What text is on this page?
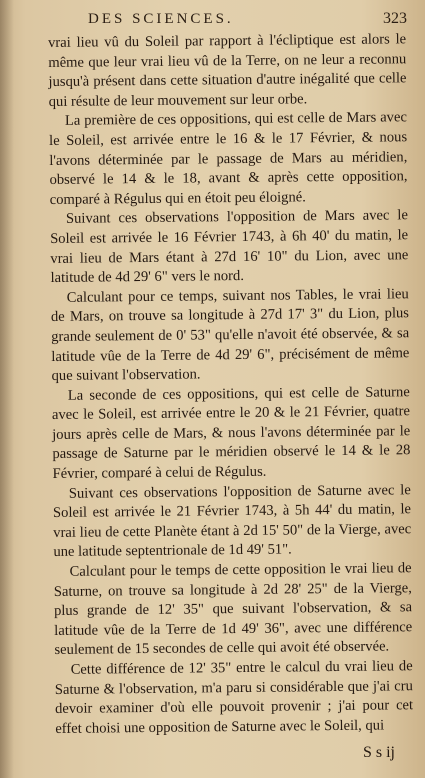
DES SCIENCES.	323

vrai lieu vû du Soleil par rapport à l'écliptique est alors le même que leur vrai lieu vû de la Terre, on ne leur a reconnu jusqu'à présent dans cette situation d'autre inégalité que celle qui résulte de leur mouvement sur leur orbe.

La première de ces oppositions, qui est celle de Mars avec le Soleil, est arrivée entre le 16 & le 17 Février, & nous l'avons déterminée par le passage de Mars au méridien, observé le 14 & le 18, avant & après cette opposition, comparé à Régulus qui en étoit peu éloigné.

Suivant ces observations l'opposition de Mars avec le Soleil est arrivée le 16 Février 1743, à 6h 40' du matin, le vrai lieu de Mars étant à 27d 16' 10" du Lion, avec une latitude de 4d 29' 6" vers le nord.

Calculant pour ce temps, suivant nos Tables, le vrai lieu de Mars, on trouve sa longitude à 27d 17' 3" du Lion, plus grande seulement de 0' 53" qu'elle n'avoit été observée, & sa latitude vûe de la Terre de 4d 29' 6", précisément de même que suivant l'observation.

La seconde de ces oppositions, qui est celle de Saturne avec le Soleil, est arrivée entre le 20 & le 21 Février, quatre jours après celle de Mars, & nous l'avons déterminée par le passage de Saturne par le méridien observé le 14 & le 28 Février, comparé à celui de Régulus.

Suivant ces observations l'opposition de Saturne avec le Soleil est arrivée le 21 Février 1743, à 5h 44' du matin, le vrai lieu de cette Planète étant à 2d 15' 50" de la Vierge, avec une latitude septentrionale de 1d 49' 51".

Calculant pour le temps de cette opposition le vrai lieu de Saturne, on trouve sa longitude à 2d 28' 25" de la Vierge, plus grande de 12' 35" que suivant l'observation, & sa latitude vûe de la Terre de 1d 49' 36", avec une différence seulement de 15 secondes de celle qui avoit été observée.

Cette différence de 12' 35" entre le calcul du vrai lieu de Saturne & l'observation, m'a paru si considérable que j'ai cru devoir examiner d'où elle pouvoit provenir ; j'ai pour cet effet choisi une opposition de Saturne avec le Soleil, qui

S s ij
